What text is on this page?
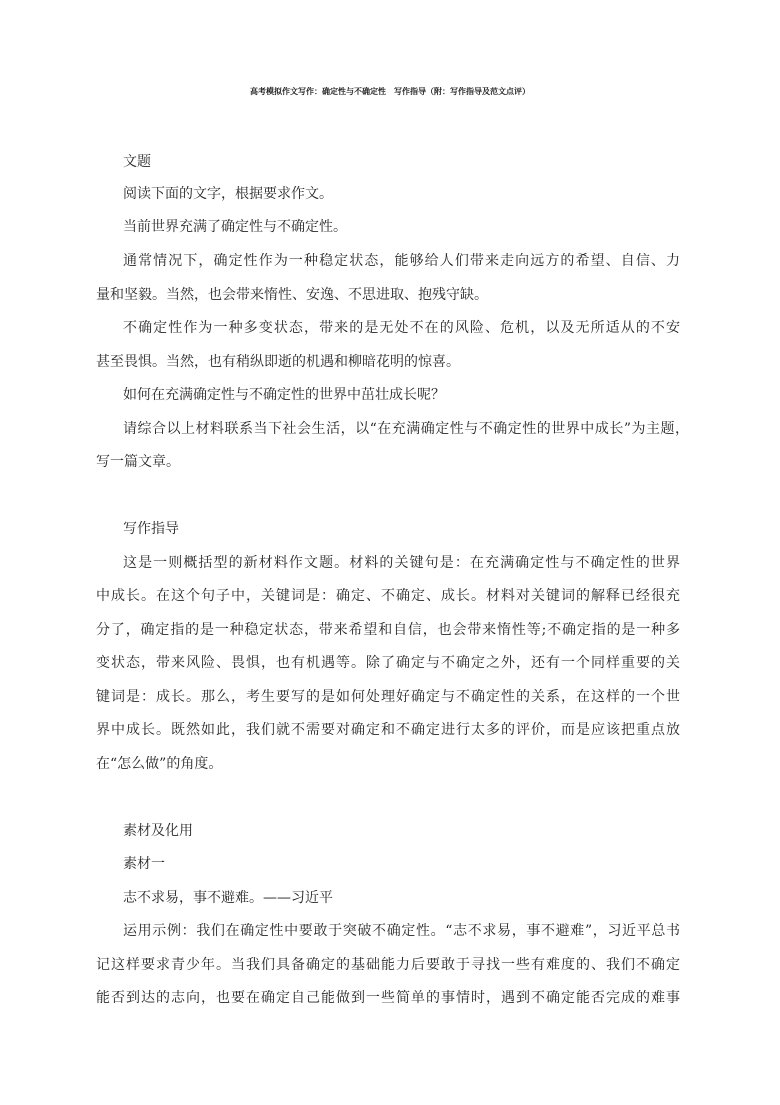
高考模拟作文写作：确定性与不确定性　写作指导（附：写作指导及范文点评）
文题
阅读下面的文字，根据要求作文。
当前世界充满了确定性与不确定性。
通常情况下，确定性作为一种稳定状态，能够给人们带来走向远方的希望、自信、力
量和坚毅。当然，也会带来惰性、安逸、不思进取、抱残守缺。
不确定性作为一种多变状态，带来的是无处不在的风险、危机，以及无所适从的不安
甚至畏惧。当然，也有稍纵即逝的机遇和柳暗花明的惊喜。
如何在充满确定性与不确定性的世界中茁壮成长呢？
请综合以上材料联系当下社会生活，以“在充满确定性与不确定性的世界中成长”为主题，
写一篇文章。
写作指导
这是一则概括型的新材料作文题。材料的关键句是：在充满确定性与不确定性的世界
中成长。在这个句子中，关键词是：确定、不确定、成长。材料对关键词的解释已经很充
分了，确定指的是一种稳定状态，带来希望和自信，也会带来惰性等;不确定指的是一种多
变状态，带来风险、畏惧，也有机遇等。除了确定与不确定之外，还有一个同样重要的关
键词是：成长。那么，考生要写的是如何处理好确定与不确定性的关系，在这样的一个世
界中成长。既然如此，我们就不需要对确定和不确定进行太多的评价，而是应该把重点放
在“怎么做”的角度。
素材及化用
素材一
志不求易，事不避难。——习近平
运用示例：我们在确定性中要敢于突破不确定性。“志不求易，事不避难”，习近平总书
记这样要求青少年。当我们具备确定的基础能力后要敢于寻找一些有难度的、我们不确定
能否到达的志向，也要在确定自己能做到一些简单的事情时，遇到不确定能否完成的难事
